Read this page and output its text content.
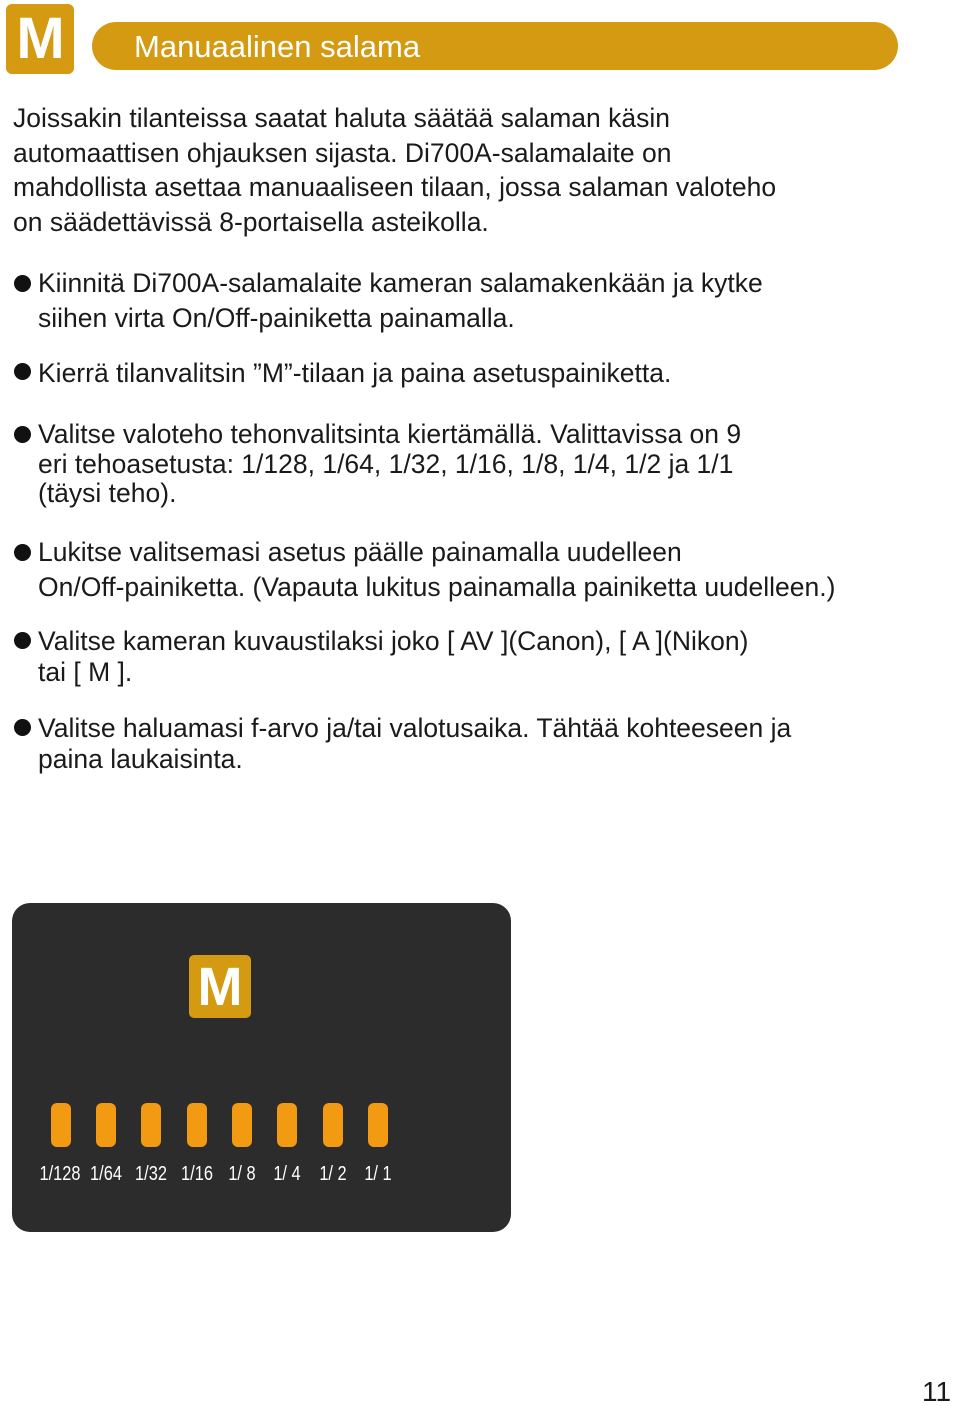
M	Manuaalinen salama
Joissakin tilanteissa saatat haluta säätää salaman käsin
automaattisen ohjauksen sijasta. Di700A-salamalaite on
mahdollista asettaa manuaaliseen tilaan, jossa salaman valoteho
on säädettävissä 8-portaisella asteikolla.
Kiinnitä Di700A-salamalaite kameran salamakenkään ja kytke
siihen virta On/Off-painiketta painamalla.
Kierrä tilanvalitsin ”M”-tilaan ja paina asetuspainiketta.
Valitse valoteho tehonvalitsinta kiertämällä. Valittavissa on 9
eri tehoasetusta: 1/128, 1/64, 1/32, 1/16, 1/8, 1/4, 1/2 ja 1/1
(täysi teho).
Lukitse valitsemasi asetus päälle painamalla uudelleen
On/Off-painiketta. (Vapauta lukitus painamalla painiketta uudelleen.)
Valitse kameran kuvaustilaksi joko [ AV ](Canon), [ A ](Nikon)
tai [ M ].
Valitse haluamasi f-arvo ja/tai valotusaika. Tähtää kohteeseen ja
paina laukaisinta.
M
1/128 1/64 1/32 1/16 1/ 8 1/ 4 1/ 2 1/ 1
11
